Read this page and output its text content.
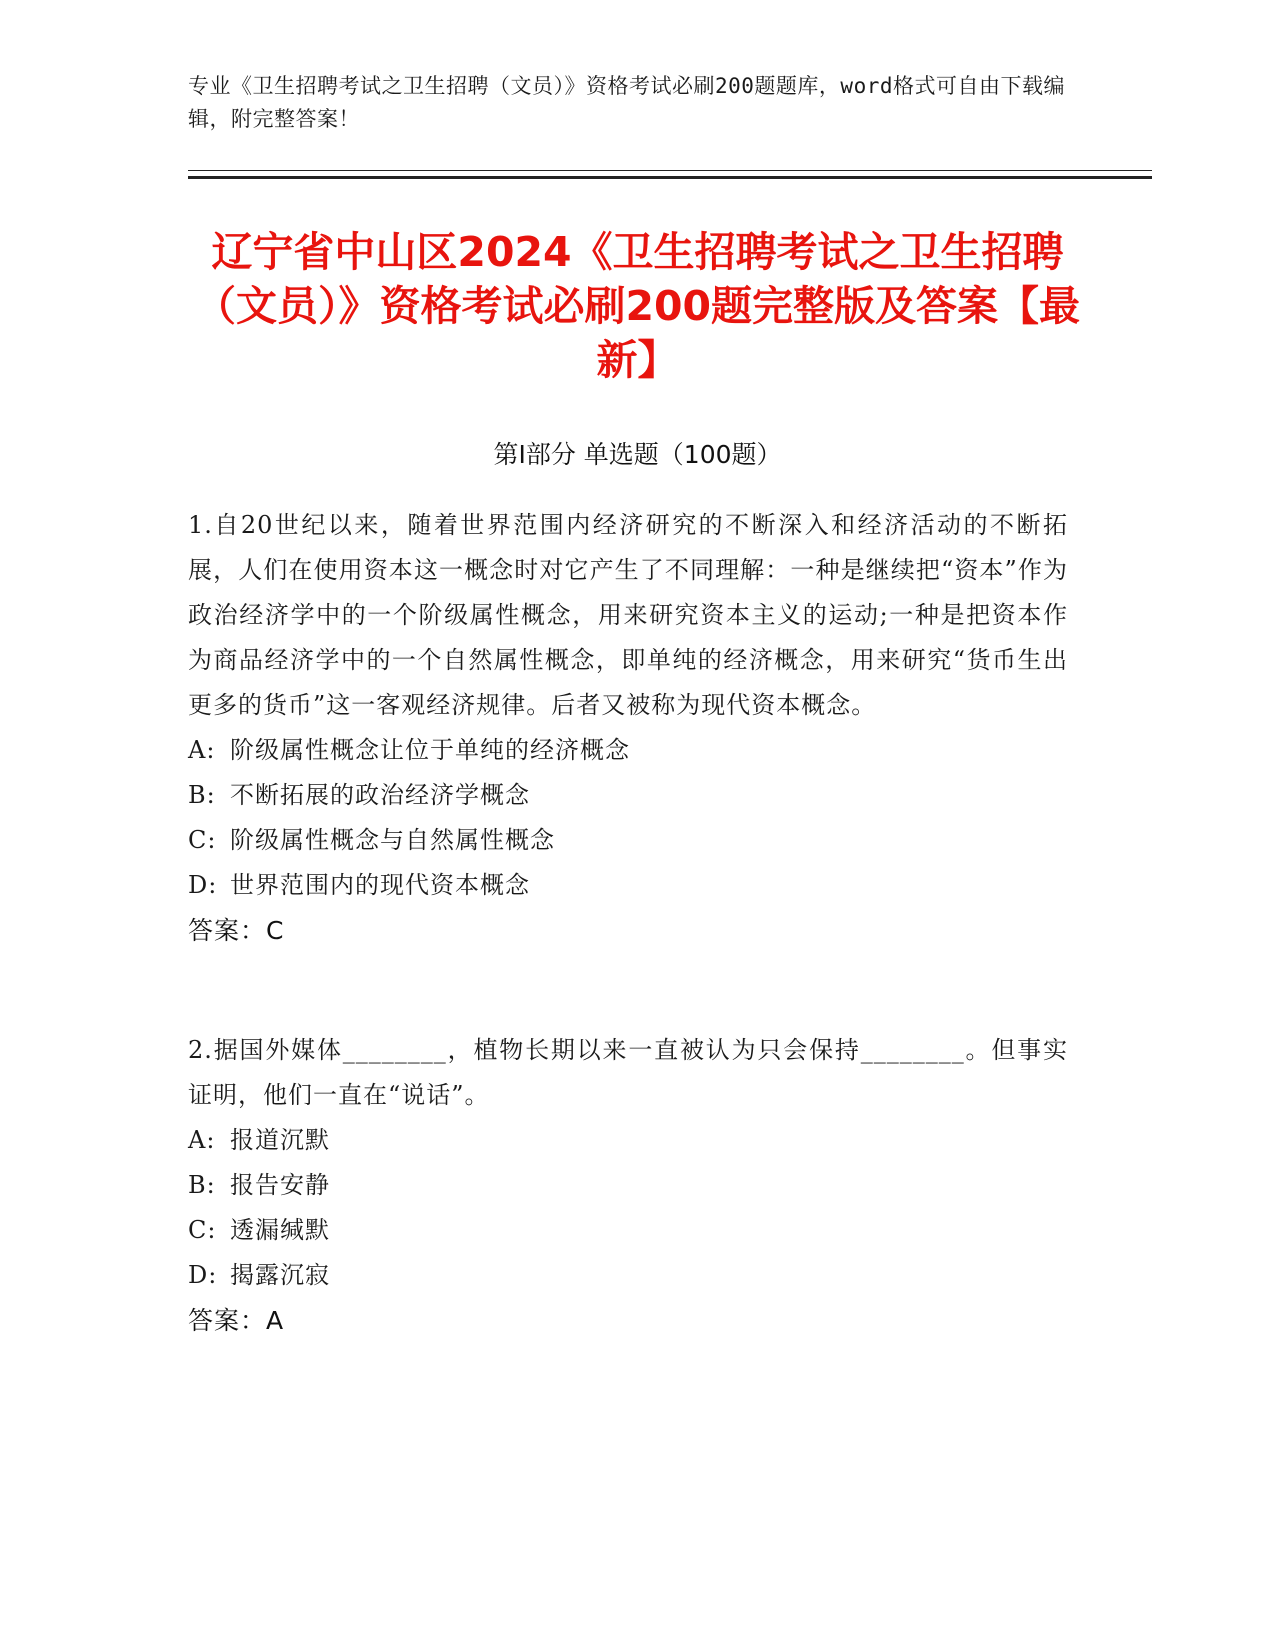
专业《卫生招聘考试之卫生招聘（文员）》资格考试必刷200题题库，word格式可自由下载编辑，附完整答案！
辽宁省中山区2024《卫生招聘考试之卫生招聘（文员）》资格考试必刷200题完整版及答案【最新】
第Ⅰ部分 单选题（100题）
1.自20世纪以来，随着世界范围内经济研究的不断深入和经济活动的不断拓展，人们在使用资本这一概念时对它产生了不同理解：一种是继续把“资本”作为政治经济学中的一个阶级属性概念，用来研究资本主义的运动;一种是把资本作为商品经济学中的一个自然属性概念，即单纯的经济概念，用来研究“货币生出更多的货币”这一客观经济规律。后者又被称为现代资本概念。
A: 阶级属性概念让位于单纯的经济概念
B: 不断拓展的政治经济学概念
C: 阶级属性概念与自然属性概念
D: 世界范围内的现代资本概念
答案：C
2.据国外媒体________，植物长期以来一直被认为只会保持________。但事实证明，他们一直在“说话”。
A: 报道沉默
B: 报告安静
C: 透漏缄默
D: 揭露沉寂
答案：A
